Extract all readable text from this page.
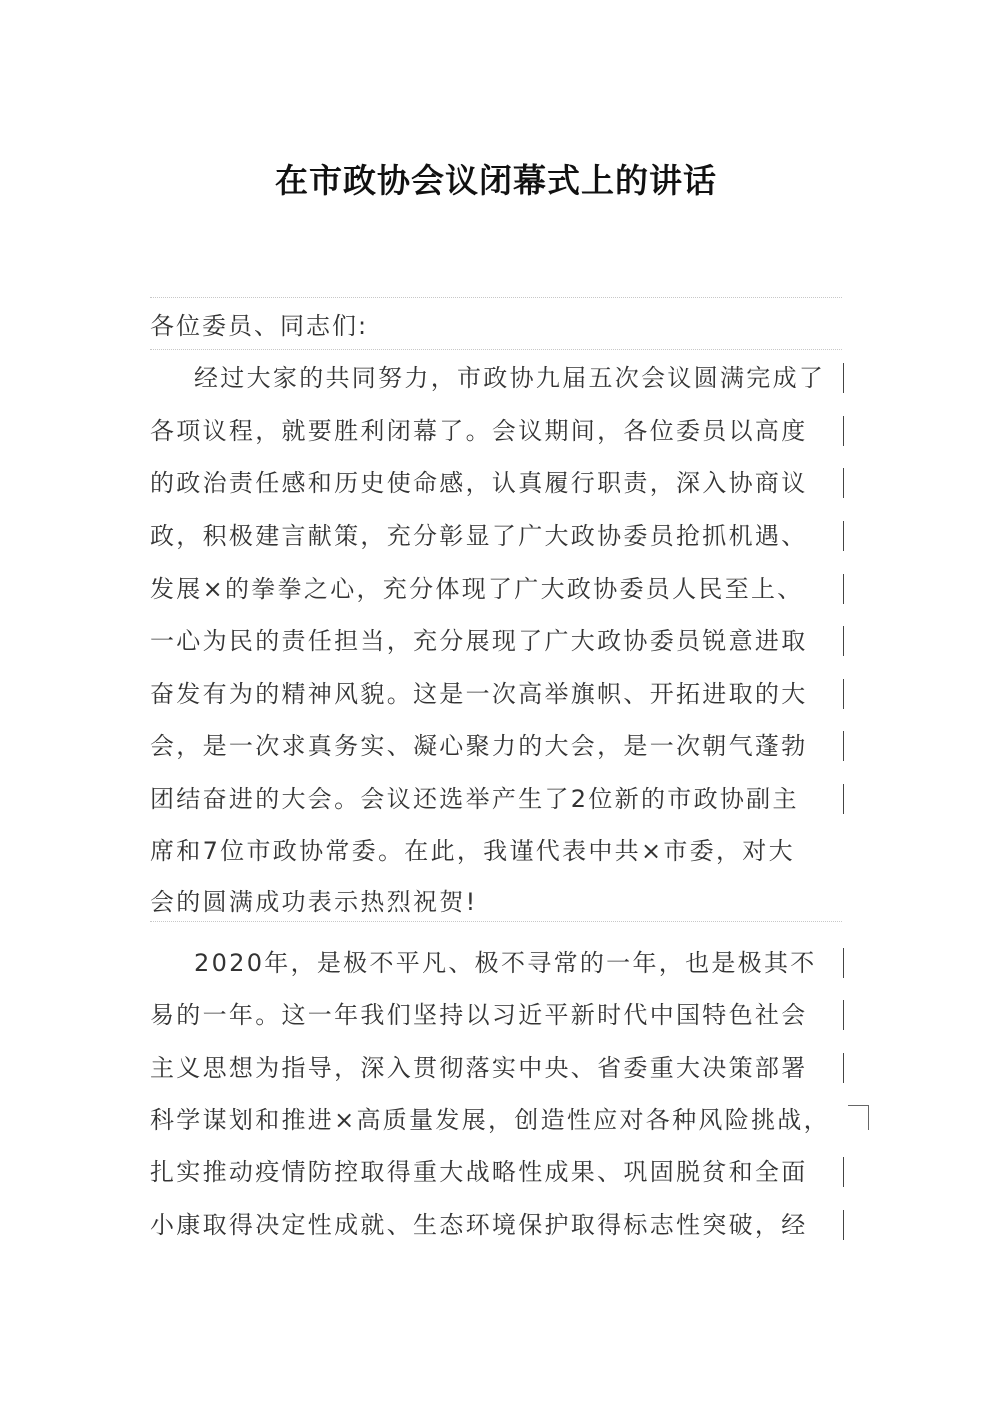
在市政协会议闭幕式上的讲话
各位委员、同志们:
经过大家的共同努力，市政协九届五次会议圆满完成了
各项议程，就要胜利闭幕了。会议期间，各位委员以高度
的政治责任感和历史使命感，认真履行职责，深入协商议
政，积极建言献策，充分彰显了广大政协委员抢抓机遇、
发展×的拳拳之心，充分体现了广大政协委员人民至上、
一心为民的责任担当，充分展现了广大政协委员锐意进取
奋发有为的精神风貌。这是一次高举旗帜、开拓进取的大
会，是一次求真务实、凝心聚力的大会，是一次朝气蓬勃
团结奋进的大会。会议还选举产生了2位新的市政协副主
席和7位市政协常委。在此，我谨代表中共×市委，对大
会的圆满成功表示热烈祝贺!
2020年，是极不平凡、极不寻常的一年，也是极其不
易的一年。这一年我们坚持以习近平新时代中国特色社会
主义思想为指导，深入贯彻落实中央、省委重大决策部署
科学谋划和推进×高质量发展，创造性应对各种风险挑战，
扎实推动疫情防控取得重大战略性成果、巩固脱贫和全面
小康取得决定性成就、生态环境保护取得标志性突破，经
